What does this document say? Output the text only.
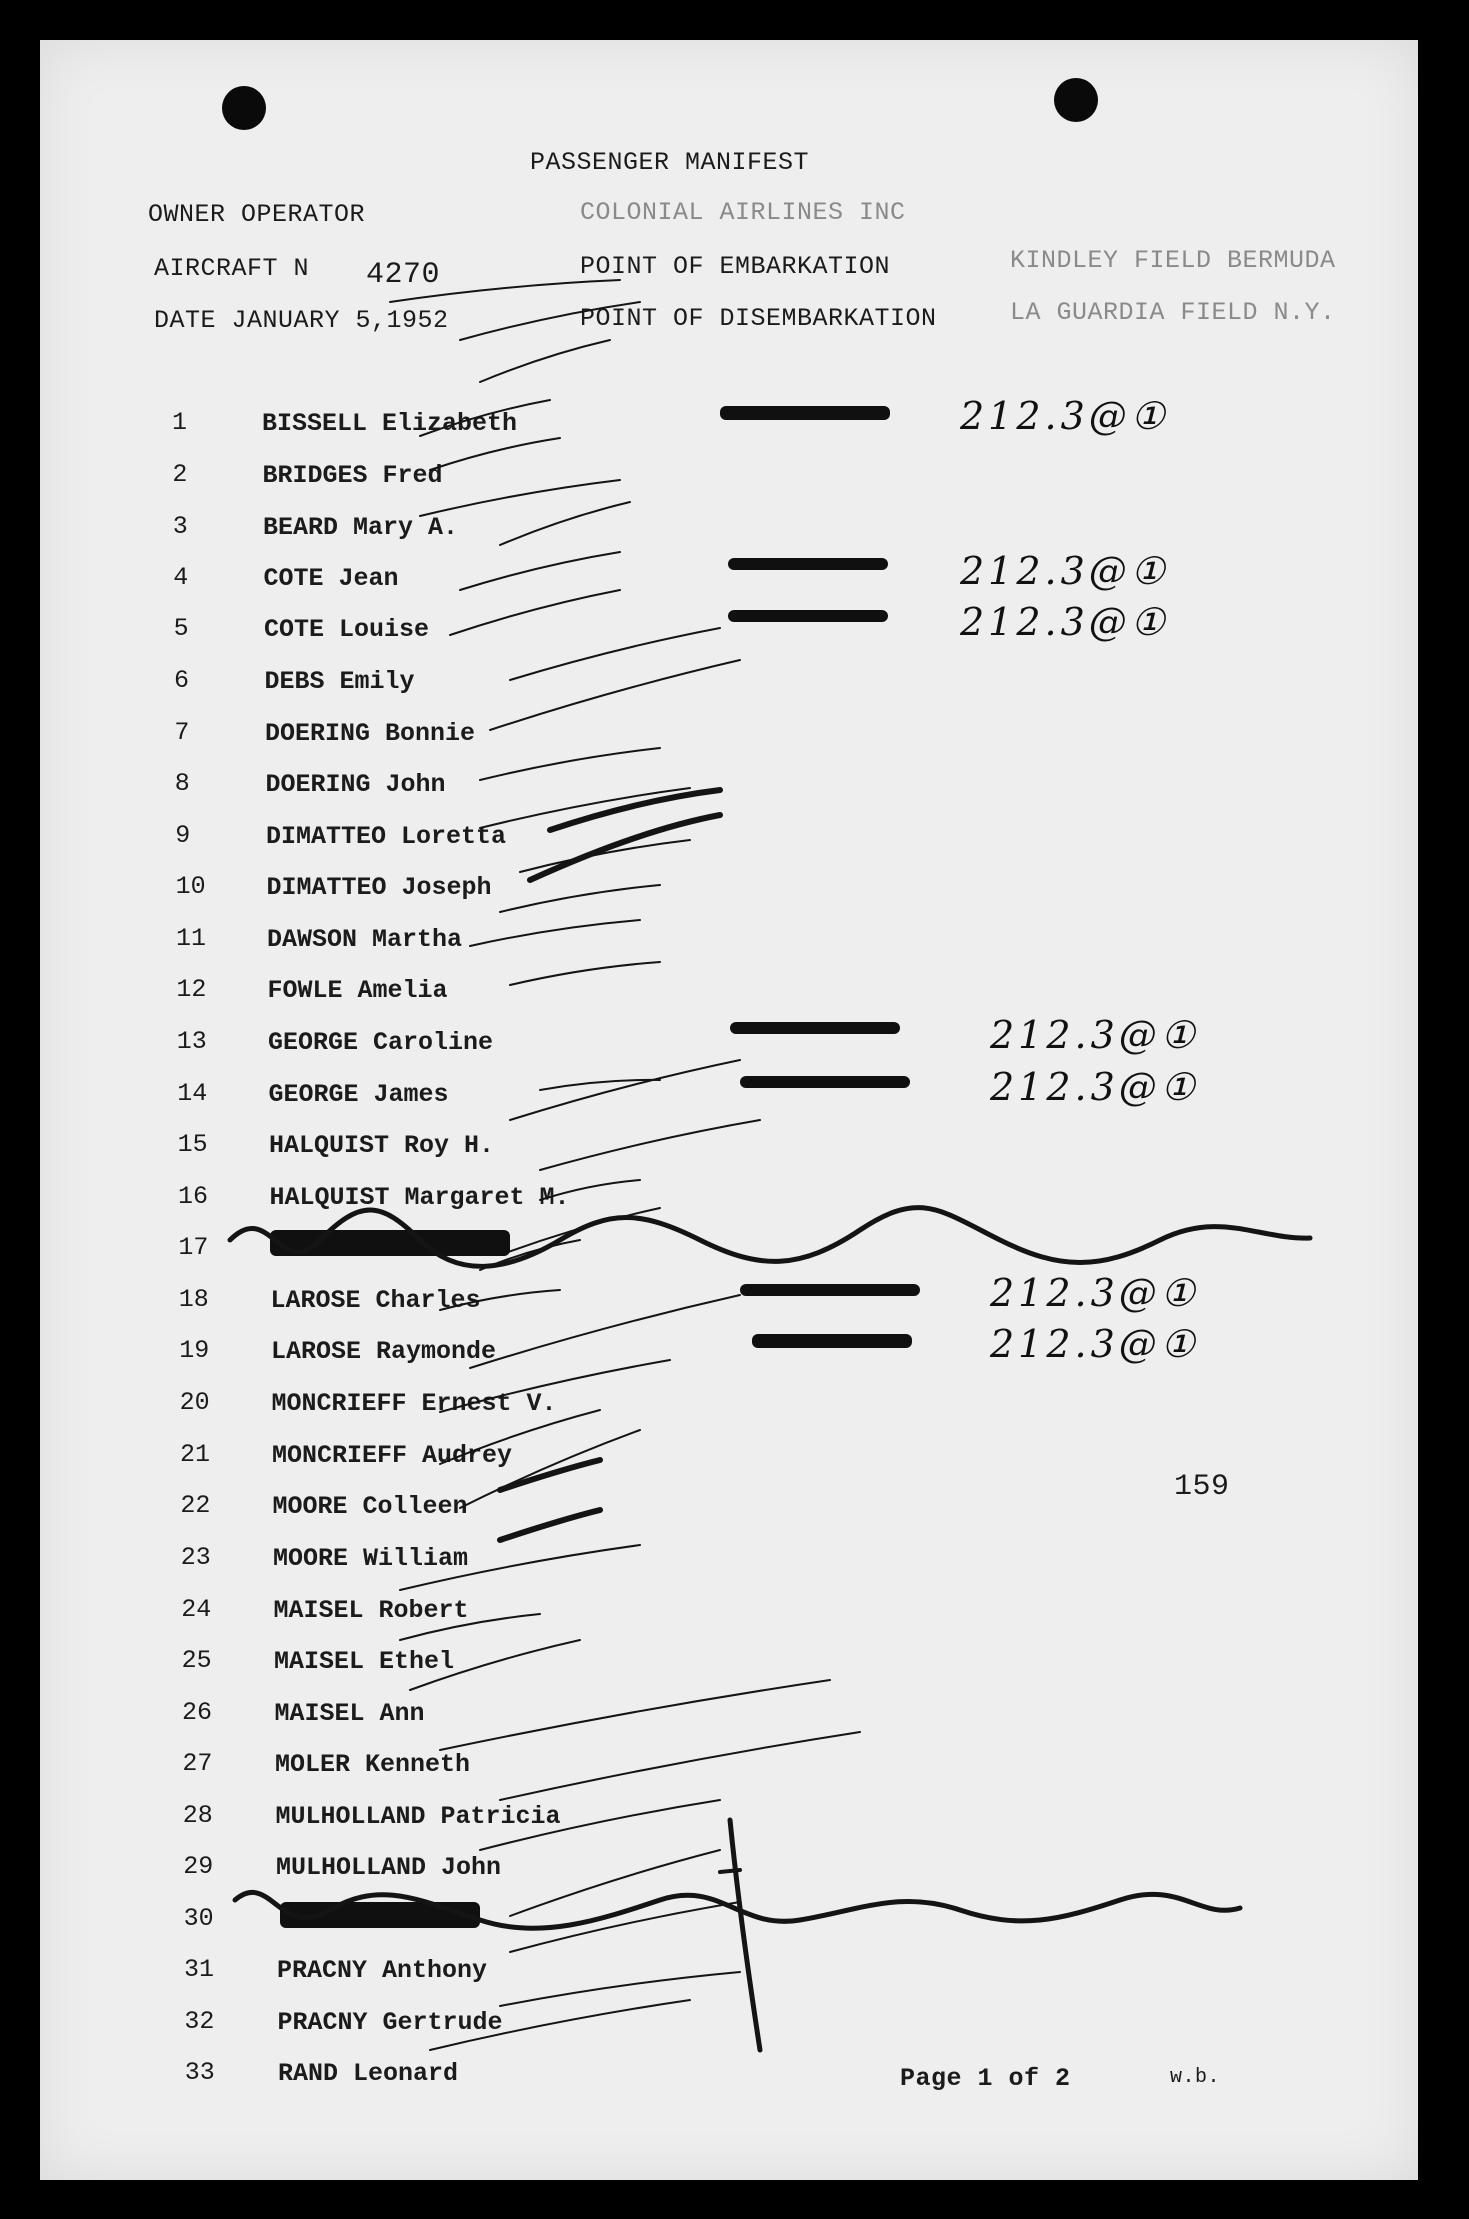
PASSENGER MANIFEST
OWNER OPERATOR	COLONIAL AIRLINES INC
AIRCRAFT N 4270	POINT OF EMBARKATION	KINDLEY FIELD BERMUDA
DATE JANUARY 5,1952	POINT OF DISEMBARKATION	LA GUARDIA FIELD N.Y.
1	BISSELL Elizabeth	212.3@①
2	BRIDGES Fred
3	BEARD Mary A.
4	COTE Jean	212.3@①
5	COTE Louise	212.3@①
6	DEBS Emily
7	DOERING Bonnie
8	DOERING John
9	DIMATTEO Loretta
10 DIMATTEO Joseph
11 DAWSON Martha
12 FOWLE Amelia
13 GEORGE Caroline	212.3@①
14 GEORGE James	212.3@①
15 HALQUIST Roy H.
16 HALQUIST Margaret M.
17
18 LAROSE Charles	212.3@①
19 LAROSE Raymonde	212.3@①
20 MONCRIEFF Ernest V.
21 MONCRIEFF Audrey
22 MOORE Colleen
23 MOORE William
24 MAISEL Robert
25 MAISEL Ethel
26 MAISEL Ann
27	MOLER Kenneth
28	MULHOLLAND Patricia
29	MULHOLLAND John
30
31	PRACNY Anthony
32	PRACNY Gertrude
33	RAND Leonard
159
Page 1 of 2	w.b.
